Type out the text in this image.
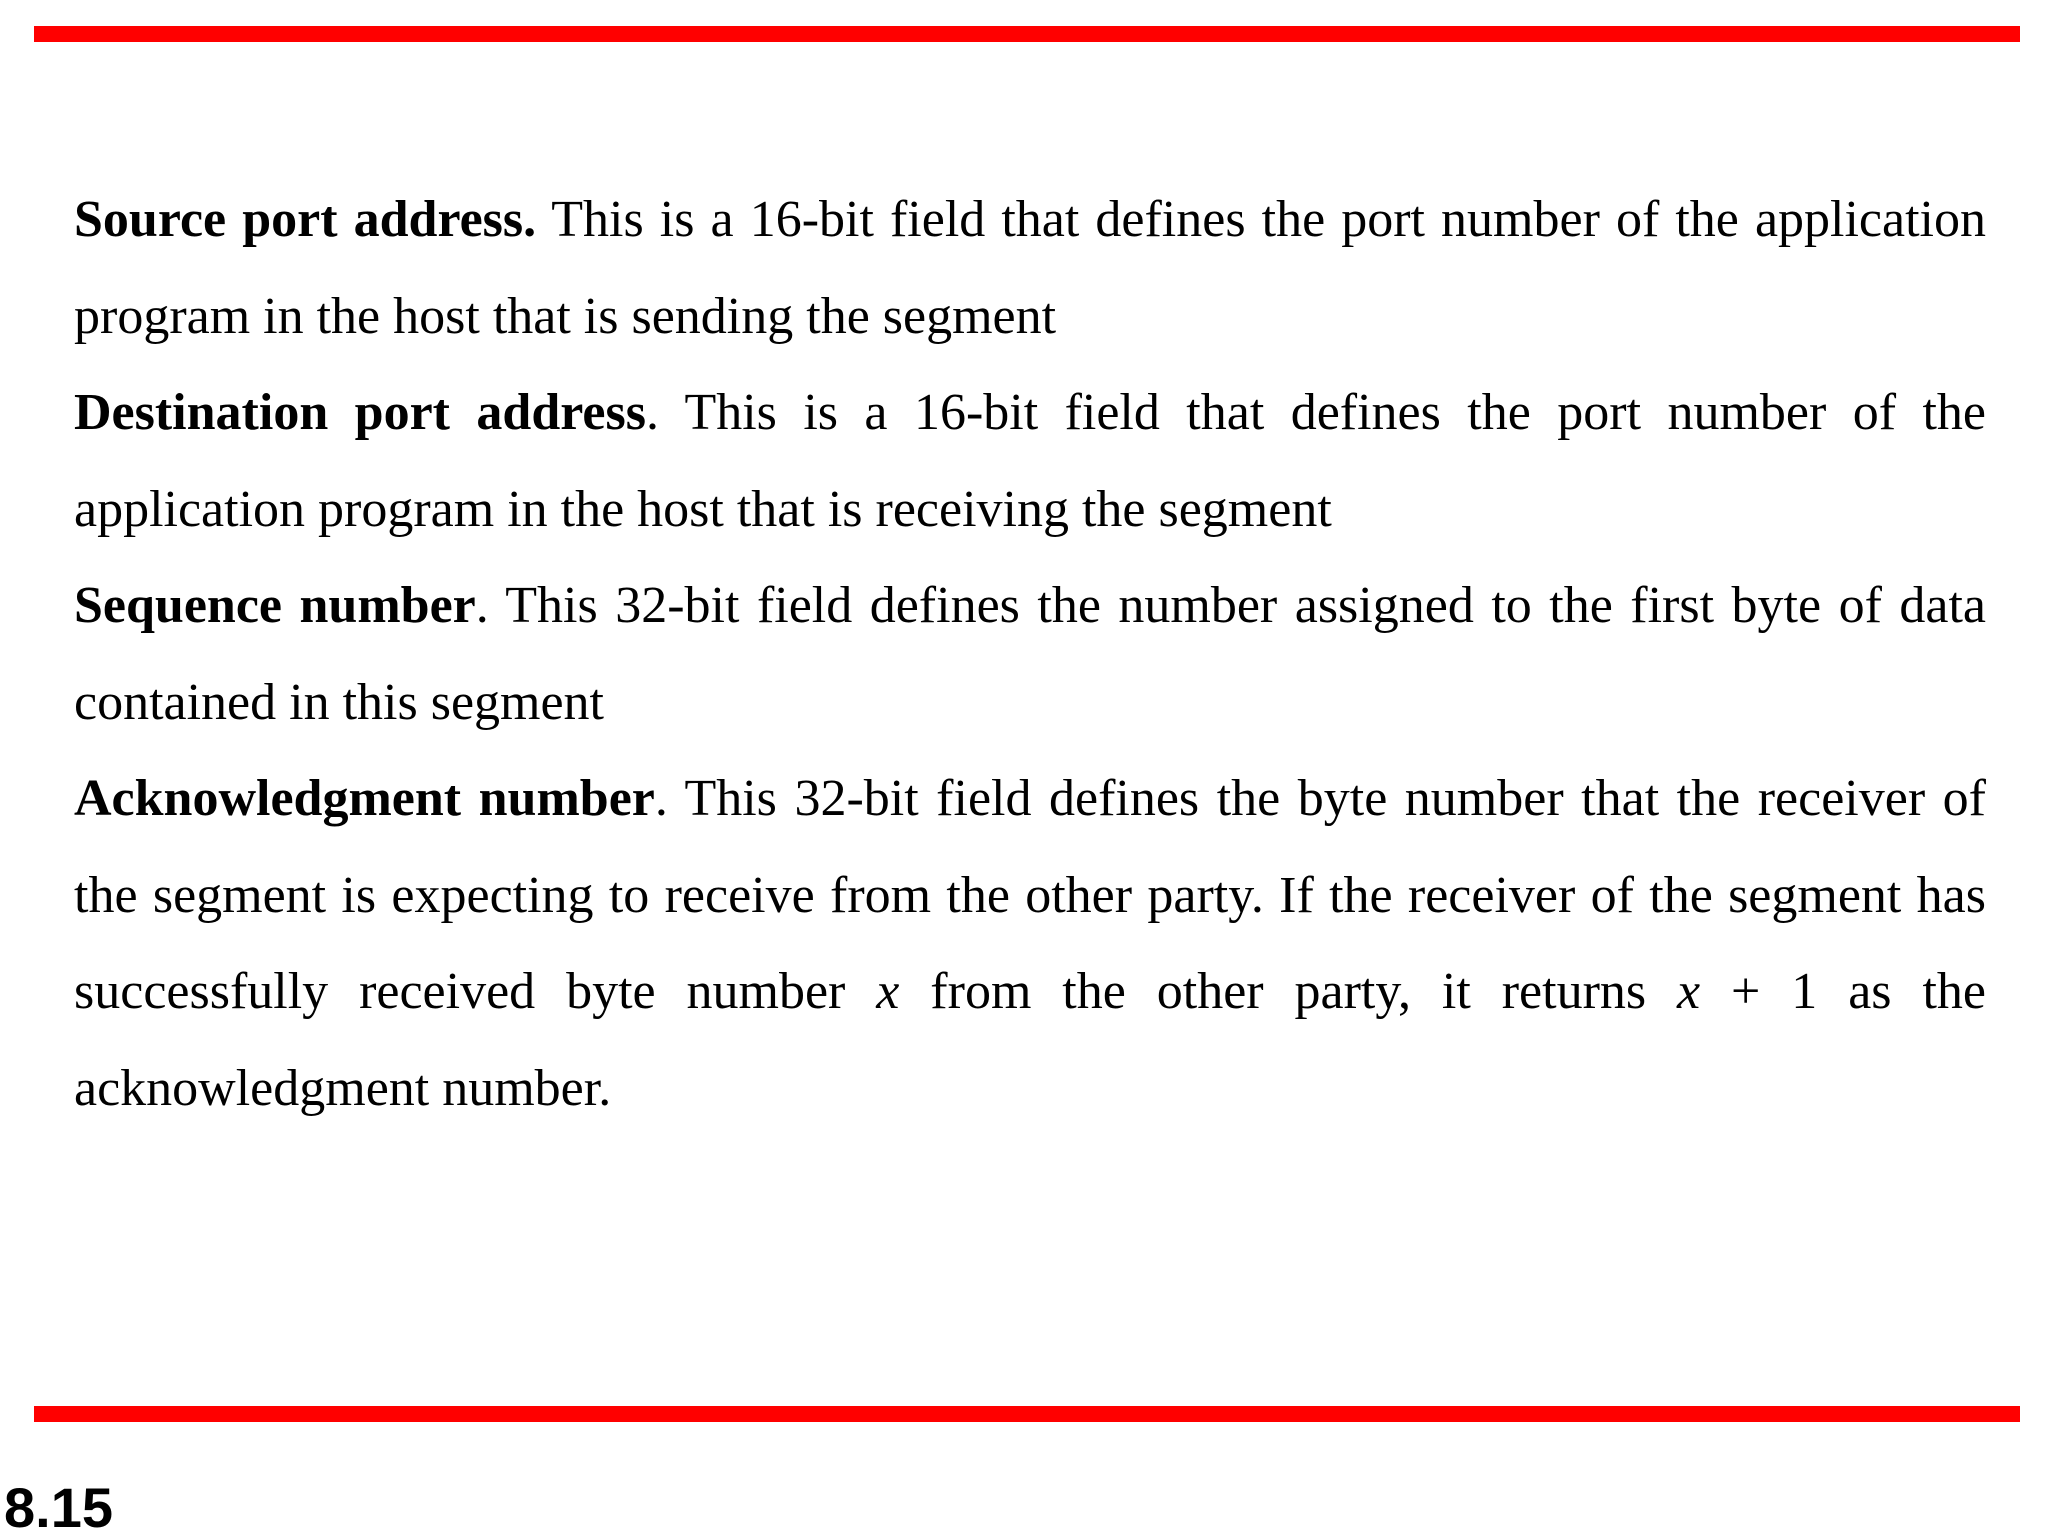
Source port address. This is a 16-bit field that defines the port number of the application program in the host that is sending the segment

Destination port address. This is a 16-bit field that defines the port number of the application program in the host that is receiving the segment

Sequence number. This 32-bit field defines the number assigned to the first byte of data contained in this segment

Acknowledgment number. This 32-bit field defines the byte number that the receiver of the segment is expecting to receive from the other party. If the receiver of the segment has successfully received byte number x from the other party, it returns x + 1 as the acknowledgment number.

8.15
